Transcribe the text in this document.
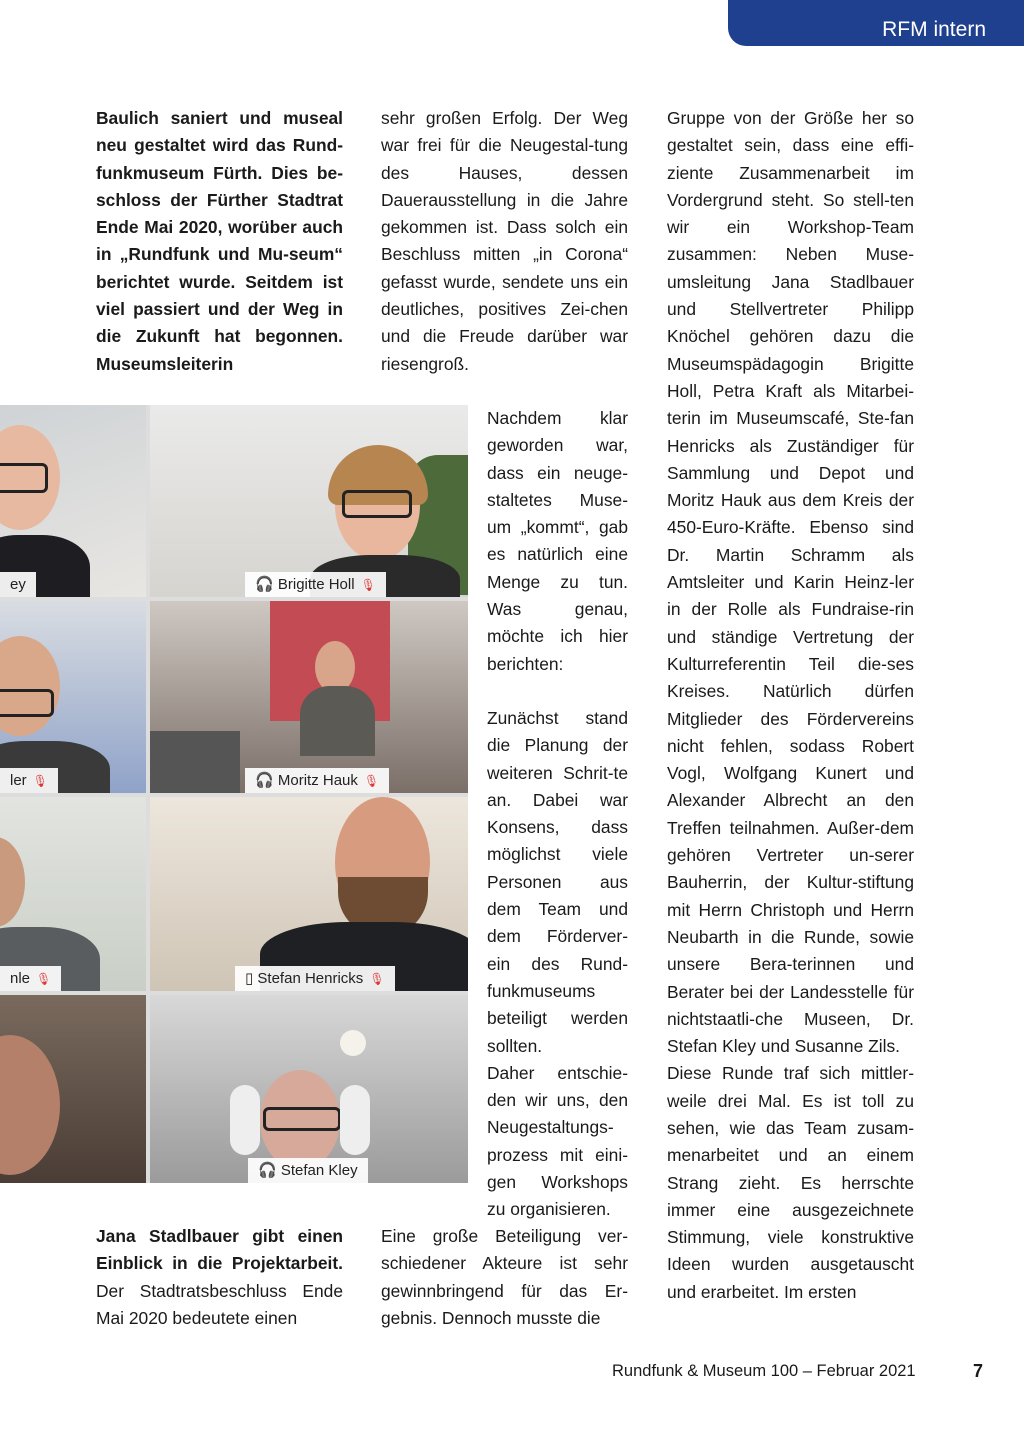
RFM intern

Baulich saniert und museal neu gestaltet wird das Rund-funkmuseum Fürth. Dies be-schloss der Fürther Stadtrat Ende Mai 2020, worüber auch in „Rundfunk und Mu-seum“ berichtet wurde. Seitdem ist viel passiert und der Weg in die Zukunft hat begonnen. Museumsleiterin

sehr großen Erfolg. Der Weg war frei für die Neugestal-tung des Hauses, dessen Dauerausstellung in die Jahre gekommen ist. Dass solch ein Beschluss mitten „in Corona“ gefasst wurde, sendete uns ein deutliches, positives Zei-chen und die Freude darüber war riesengroß.

Nachdem klar geworden war, dass ein neuge-staltetes Muse-um „kommt“, gab es natürlich eine Menge zu tun. Was genau, möchte ich hier berichten:

Zunächst stand die Planung der weiteren Schrit-te an. Dabei war Konsens, dass möglichst viele Personen aus dem Team und dem Förderver-ein des Rund-funkmuseums beteiligt werden sollten.

Daher entschie-den wir uns, den Neugestaltungs-prozess mit eini-gen Workshops zu organisieren.

Eine große Beteiligung ver-schiedener Akteure ist sehr gewinnbringend für das Er-gebnis. Dennoch musste die

Jana Stadlbauer gibt einen Einblick in die Projektarbeit. Der Stadtratsbeschluss Ende Mai 2020 bedeutete einen

Gruppe von der Größe her so gestaltet sein, dass eine effi-ziente Zusammenarbeit im Vordergrund steht. So stell-ten wir ein Workshop-Team zusammen: Neben Muse-umsleitung Jana Stadlbauer und Stellvertreter Philipp Knöchel gehören dazu die Museumspädagogin Brigitte Holl, Petra Kraft als Mitarbei-terin im Museumscafé, Ste-fan Henricks als Zuständiger für Sammlung und Depot und Moritz Hauk aus dem Kreis der 450-Euro-Kräfte. Ebenso sind Dr. Martin Schramm als Amtsleiter und Karin Heinz-ler in der Rolle als Fundraise-rin und ständige Vertretung der Kulturreferentin Teil die-ses Kreises. Natürlich dürfen Mitglieder des Fördervereins nicht fehlen, sodass Robert Vogl, Wolfgang Kunert und Alexander Albrecht an den Treffen teilnahmen. Außer-dem gehören Vertreter un-serer Bauherrin, der Kultur-stiftung mit Herrn Christoph und Herrn Neubarth in die Runde, sowie unsere Bera-terinnen und Berater bei der Landesstelle für nichtstaatli-che Museen, Dr. Stefan Kley und Susanne Zils.

Diese Runde traf sich mittler-weile drei Mal. Es ist toll zu sehen, wie das Team zusam-menarbeitet und an einem Strang zieht. Es herrschte immer eine ausgezeichnete Stimmung, viele konstruktive Ideen wurden ausgetauscht und erarbeitet. Im ersten

ey
ler 🎙
nle 🎙
🎧 Brigitte Holl 🎙
🎧 Moritz Hauk 🎙
▯ Stefan Henricks 🎙
🎧 Stefan Kley
Rundfunk & Museum 100 – Februar 2021	7
